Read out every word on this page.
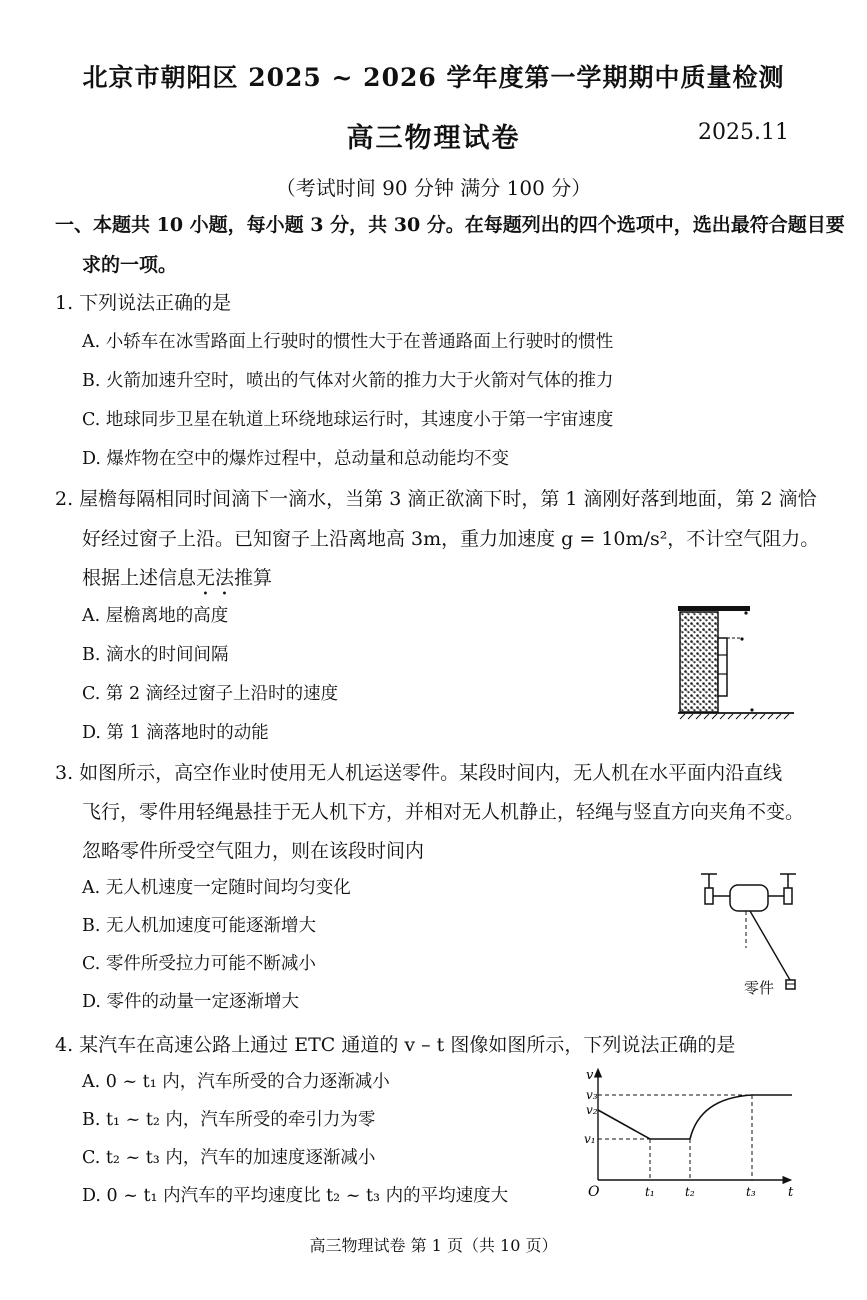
北京市朝阳区 2025 ~ 2026 学年度第一学期期中质量检测
高三物理试卷	2025.11
（考试时间 90 分钟 满分 100 分）
一、本题共 10 小题，每小题 3 分，共 30 分。在每题列出的四个选项中，选出最符合题目要
求的一项。
1. 下列说法正确的是
A. 小轿车在冰雪路面上行驶时的惯性大于在普通路面上行驶时的惯性
B. 火箭加速升空时，喷出的气体对火箭的推力大于火箭对气体的推力
C. 地球同步卫星在轨道上环绕地球运行时，其速度小于第一宇宙速度
D. 爆炸物在空中的爆炸过程中，总动量和总动能均不变
2. 屋檐每隔相同时间滴下一滴水，当第 3 滴正欲滴下时，第 1 滴刚好落到地面，第 2 滴恰
好经过窗子上沿。已知窗子上沿离地高 3m，重力加速度 g = 10m/s²，不计空气阻力。
根据上述信息无法推算
A. 屋檐离地的高度
B. 滴水的时间间隔
C. 第 2 滴经过窗子上沿时的速度
D. 第 1 滴落地时的动能
3. 如图所示，高空作业时使用无人机运送零件。某段时间内，无人机在水平面内沿直线
飞行，零件用轻绳悬挂于无人机下方，并相对无人机静止，轻绳与竖直方向夹角不变。
忽略零件所受空气阻力，则在该段时间内
A. 无人机速度一定随时间均匀变化
B. 无人机加速度可能逐渐增大
C. 零件所受拉力可能不断减小
D. 零件的动量一定逐渐增大
零件
4. 某汽车在高速公路上通过 ETC 通道的 v – t 图像如图所示，下列说法正确的是
A. 0 ~ t₁ 内，汽车所受的合力逐渐减小
B. t₁ ~ t₂ 内，汽车所受的牵引力为零
C. t₂ ~ t₃ 内，汽车的加速度逐渐减小
D. 0 ~ t₁ 内汽车的平均速度比 t₂ ~ t₃ 内的平均速度大
v
v₃
v₂
v₁
O	t₁	t₂	t₃ t
高三物理试卷 第 1 页（共 10 页）
